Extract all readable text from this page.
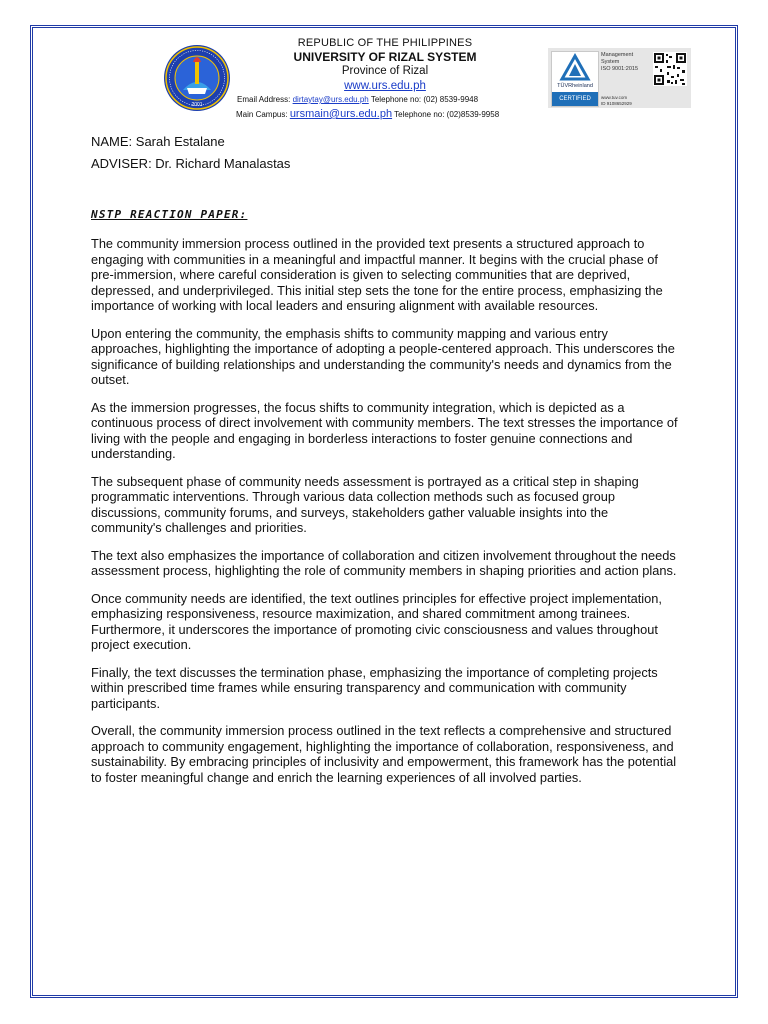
2001
REPUBLIC OF THE PHILIPPINES
UNIVERSITY OF RIZAL SYSTEM
Province of Rizal
www.urs.edu.ph
Email Address: dirtaytay@urs.edu.ph Telephone no: (02) 8539-9948
Main Campus: ursmain@urs.edu.ph Telephone no: (02)8539-9958
TÜVRheinland
CERTIFIED
Management
System
ISO 9001:2015
www.tuv.com
ID 9108652929
NAME: Sarah Estalane
ADVISER: Dr. Richard Manalastas
NSTP REACTION PAPER:

The community immersion process outlined in the provided text presents a structured approach to engaging with communities in a meaningful and impactful manner. It begins with the crucial phase of pre-immersion, where careful consideration is given to selecting communities that are deprived, depressed, and underprivileged. This initial step sets the tone for the entire process, emphasizing the importance of working with local leaders and ensuring alignment with available resources.

Upon entering the community, the emphasis shifts to community mapping and various entry approaches, highlighting the importance of adopting a people-centered approach. This underscores the significance of building relationships and understanding the community's needs and dynamics from the outset.

As the immersion progresses, the focus shifts to community integration, which is depicted as a continuous process of direct involvement with community members. The text stresses the importance of living with the people and engaging in borderless interactions to foster genuine connections and understanding.

The subsequent phase of community needs assessment is portrayed as a critical step in shaping programmatic interventions. Through various data collection methods such as focused group discussions, community forums, and surveys, stakeholders gather valuable insights into the community's challenges and priorities.

The text also emphasizes the importance of collaboration and citizen involvement throughout the needs assessment process, highlighting the role of community members in shaping priorities and action plans.

Once community needs are identified, the text outlines principles for effective project implementation, emphasizing responsiveness, resource maximization, and shared commitment among trainees. Furthermore, it underscores the importance of promoting civic consciousness and values throughout project execution.

Finally, the text discusses the termination phase, emphasizing the importance of completing projects within prescribed time frames while ensuring transparency and communication with community participants.

Overall, the community immersion process outlined in the text reflects a comprehensive and structured approach to community engagement, highlighting the importance of collaboration, responsiveness, and sustainability. By embracing principles of inclusivity and empowerment, this framework has the potential to foster meaningful change and enrich the learning experiences of all involved parties.
